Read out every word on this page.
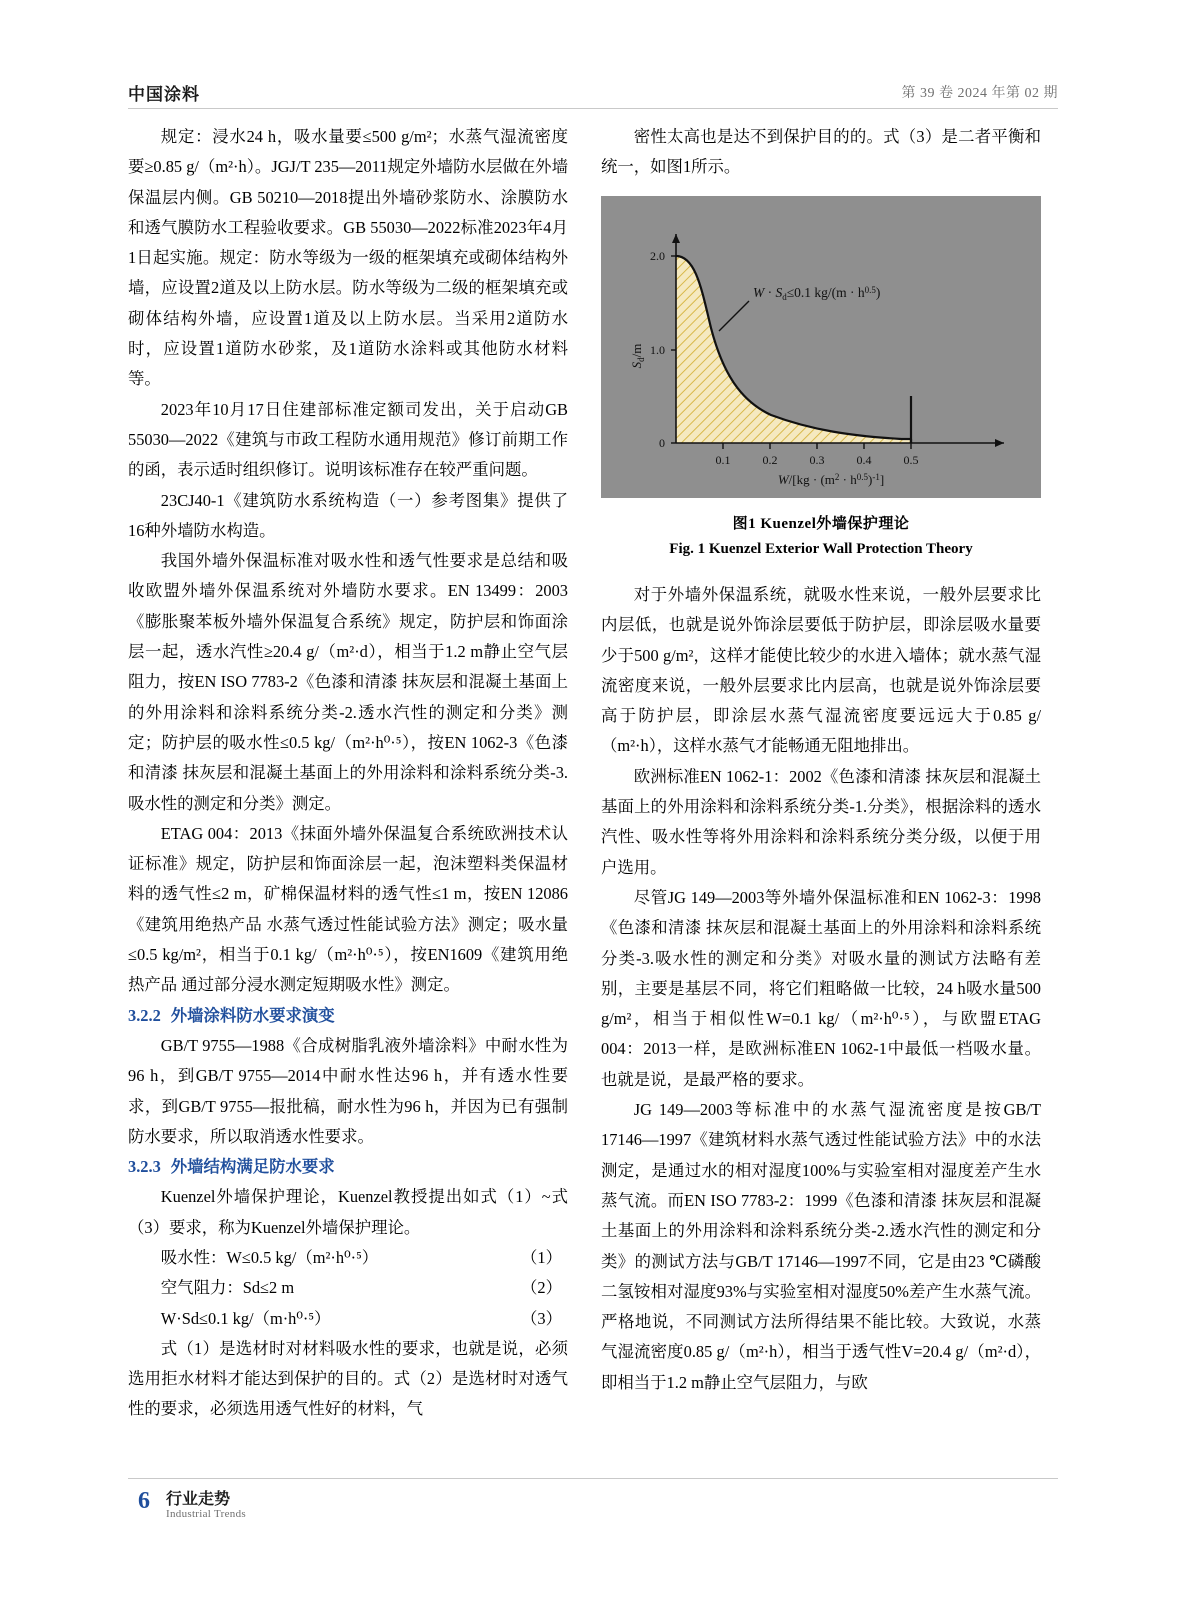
中国涂料	第 39 卷 2024 年第 02 期

规定：浸水24 h，吸水量要≤500 g/m²；水蒸气湿流密度要≥0.85 g/（m²·h）。JGJ/T 235—2011规定外墙防水层做在外墙保温层内侧。GB 50210—2018提出外墙砂浆防水、涂膜防水和透气膜防水工程验收要求。GB 55030—2022标准2023年4月1日起实施。规定：防水等级为一级的框架填充或砌体结构外墙，应设置2道及以上防水层。防水等级为二级的框架填充或砌体结构外墙，应设置1道及以上防水层。当采用2道防水时，应设置1道防水砂浆，及1道防水涂料或其他防水材料等。

2023年10月17日住建部标准定额司发出，关于启动GB 55030—2022《建筑与市政工程防水通用规范》修订前期工作的函，表示适时组织修订。说明该标准存在较严重问题。

23CJ40-1《建筑防水系统构造（一）参考图集》提供了16种外墙防水构造。

我国外墙外保温标准对吸水性和透气性要求是总结和吸收欧盟外墙外保温系统对外墙防水要求。EN 13499：2003《膨胀聚苯板外墙外保温复合系统》规定，防护层和饰面涂层一起，透水汽性≥20.4 g/（m²·d），相当于1.2 m静止空气层阻力，按EN ISO 7783-2《色漆和清漆 抹灰层和混凝土基面上的外用涂料和涂料系统分类-2.透水汽性的测定和分类》测定；防护层的吸水性≤0.5 kg/（m²·h⁰·⁵），按EN 1062-3《色漆和清漆 抹灰层和混凝土基面上的外用涂料和涂料系统分类-3.吸水性的测定和分类》测定。

ETAG 004：2013《抹面外墙外保温复合系统欧洲技术认证标准》规定，防护层和饰面涂层一起，泡沫塑料类保温材料的透气性≤2 m，矿棉保温材料的透气性≤1 m，按EN 12086《建筑用绝热产品 水蒸气透过性能试验方法》测定；吸水量≤0.5 kg/m²，相当于0.1 kg/（m²·h⁰·⁵），按EN1609《建筑用绝热产品 通过部分浸水测定短期吸水性》测定。

3.2.2 外墙涂料防水要求演变

GB/T 9755—1988《合成树脂乳液外墙涂料》中耐水性为96 h，到GB/T 9755—2014中耐水性达96 h，并有透水性要求，到GB/T 9755—报批稿，耐水性为96 h，并因为已有强制防水要求，所以取消透水性要求。

3.2.3 外墙结构满足防水要求

Kuenzel外墙保护理论，Kuenzel教授提出如式（1）~式（3）要求，称为Kuenzel外墙保护理论。

吸水性：W≤0.5 kg/（m²·h⁰·⁵）	（1）

空气阻力：Sd≤2 m	（2）

W·Sd≤0.1 kg/（m·h⁰·⁵）	（3）

式（1）是选材时对材料吸水性的要求，也就是说，必须选用拒水材料才能达到保护的目的。式（2）是选材时对透气性的要求，必须选用透气性好的材料，气

密性太高也是达不到保护目的的。式（3）是二者平衡和统一，如图1所示。

0
1.0
2.0
0.1	0.2	0.3	0.4	0.5
$S_d/m$
$W/[kg \cdot (m^2 \cdot h^{0.5})^{-1}]$
$W \cdot S_d\le 0.1$ $kg/(m \cdot h^{0.5})$
图1 Kuenzel外墙保护理论
Fig. 1 Kuenzel Exterior Wall Protection Theory

对于外墙外保温系统，就吸水性来说，一般外层要求比内层低，也就是说外饰涂层要低于防护层，即涂层吸水量要少于500 g/m²，这样才能使比较少的水进入墙体；就水蒸气湿流密度来说，一般外层要求比内层高，也就是说外饰涂层要高于防护层，即涂层水蒸气湿流密度要远远大于0.85 g/（m²·h），这样水蒸气才能畅通无阻地排出。

欧洲标准EN 1062-1：2002《色漆和清漆 抹灰层和混凝土基面上的外用涂料和涂料系统分类-1.分类》，根据涂料的透水汽性、吸水性等将外用涂料和涂料系统分类分级，以便于用户选用。

尽管JG 149—2003等外墙外保温标准和EN 1062-3：1998《色漆和清漆 抹灰层和混凝土基面上的外用涂料和涂料系统分类-3.吸水性的测定和分类》对吸水量的测试方法略有差别，主要是基层不同，将它们粗略做一比较，24 h吸水量500 g/m²，相当于相似性W=0.1 kg/（m²·h⁰·⁵），与欧盟ETAG 004：2013一样，是欧洲标准EN 1062-1中最低一档吸水量。也就是说，是最严格的要求。

JG 149—2003等标准中的水蒸气湿流密度是按GB/T 17146—1997《建筑材料水蒸气透过性能试验方法》中的水法测定，是通过水的相对湿度100%与实验室相对湿度差产生水蒸气流。而EN ISO 7783-2：1999《色漆和清漆 抹灰层和混凝土基面上的外用涂料和涂料系统分类-2.透水汽性的测定和分类》的测试方法与GB/T 17146—1997不同，它是由23 ℃磷酸二氢铵相对湿度93%与实验室相对湿度50%差产生水蒸气流。严格地说，不同测试方法所得结果不能比较。大致说，水蒸气湿流密度0.85 g/（m²·h），相当于透气性V=20.4 g/（m²·d），即相当于1.2 m静止空气层阻力，与欧

6 行业走势
Industrial Trends
